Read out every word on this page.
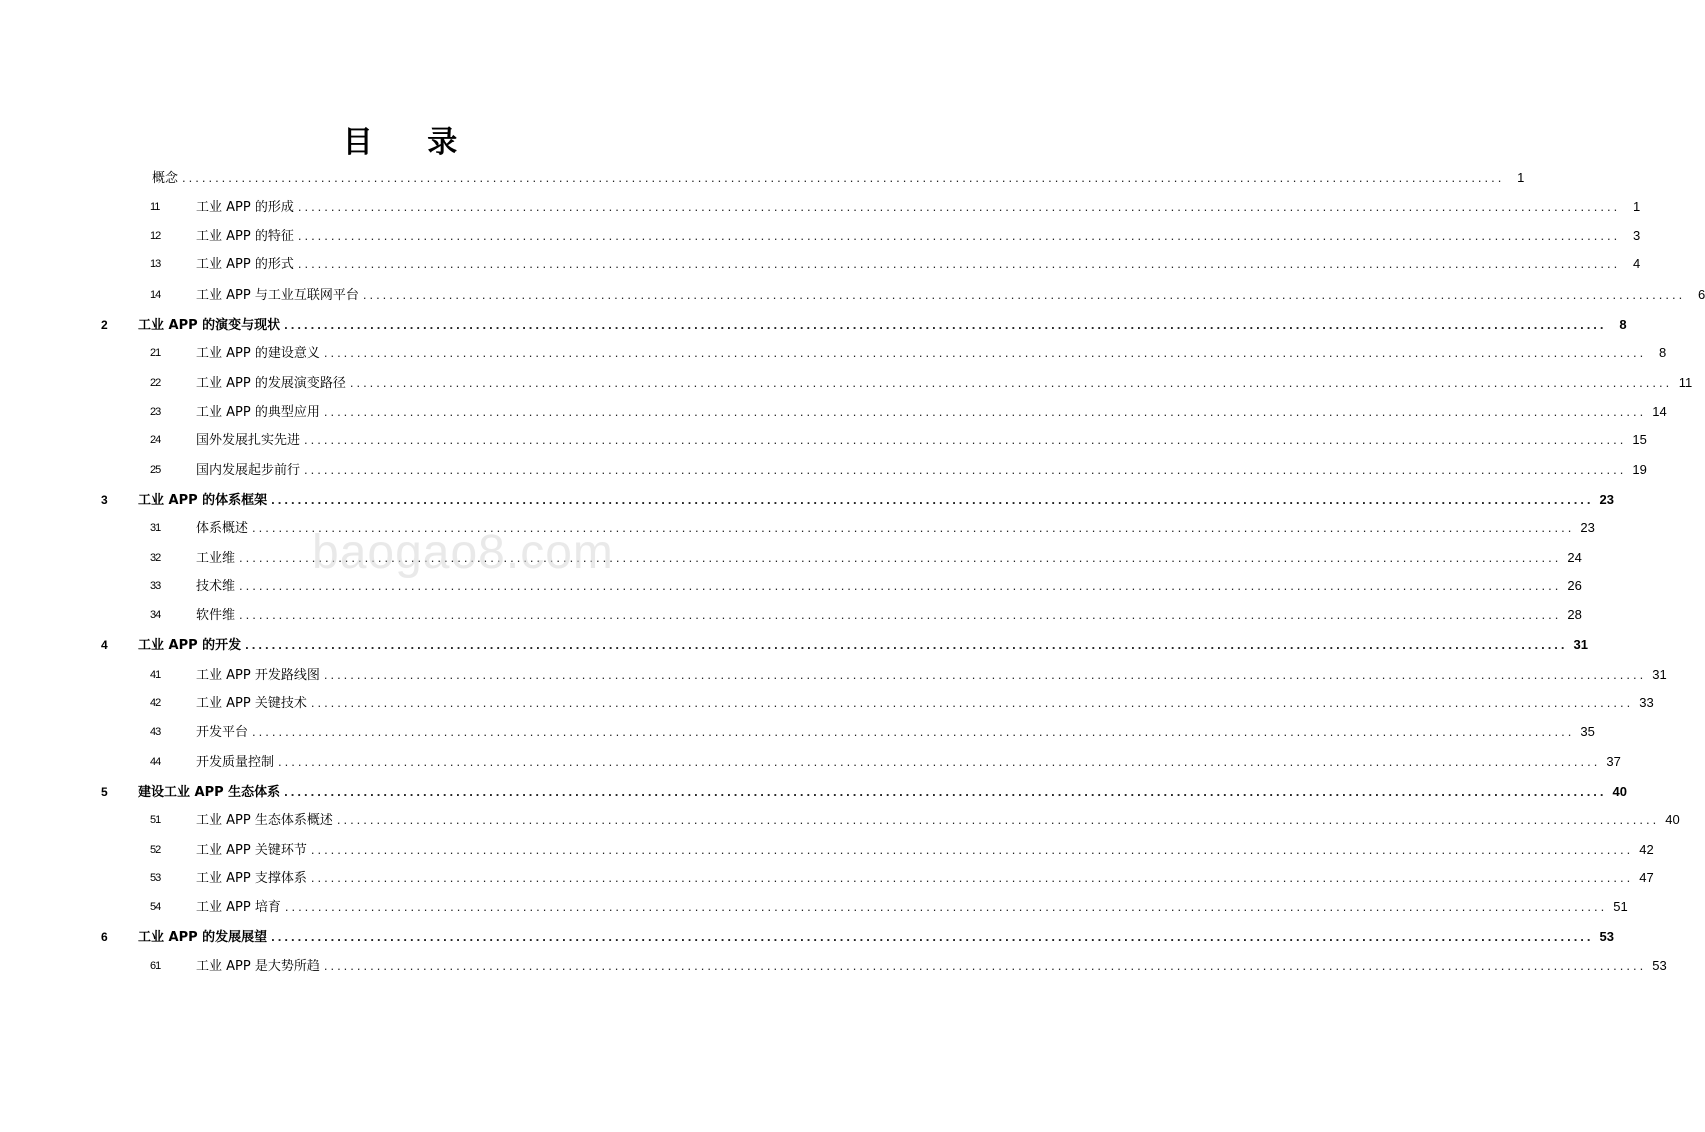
目 录
概念 ........................................................................................................................................................................................................ 1
11	工业 APP 的形成 ........................................................................................................................................................................................................ 1
12	工业 APP 的特征 ........................................................................................................................................................................................................ 3
13	工业 APP 的形式 ........................................................................................................................................................................................................ 4
14	工业 APP 与工业互联网平台 ........................................................................................................................................................................................................ 6
2 工业 APP 的演变与现状 ........................................................................................................................................................................................................ 8
21	工业 APP 的建设意义 ........................................................................................................................................................................................................ 8
22	工业 APP 的发展演变路径 ........................................................................................................................................................................................................ 11
23	工业 APP 的典型应用 ........................................................................................................................................................................................................ 14
24	国外发展扎实先进 ........................................................................................................................................................................................................ 15
25	国内发展起步前行 ........................................................................................................................................................................................................ 19
3 工业 APP 的体系框架 ........................................................................................................................................................................................................ 23
31	体系概述 ........................................................................................................................................................................................................ 23
32	工业维 ........................................................................................................................................................................................................ 24
33	技术维 ........................................................................................................................................................................................................ 26
34	软件维 ........................................................................................................................................................................................................ 28
4 工业 APP 的开发 ........................................................................................................................................................................................................ 31
41	工业 APP 开发路线图 ........................................................................................................................................................................................................ 31
42	工业 APP 关键技术 ........................................................................................................................................................................................................ 33
43	开发平台 ........................................................................................................................................................................................................ 35
44	开发质量控制 ........................................................................................................................................................................................................ 37
5 建设工业 APP 生态体系 ........................................................................................................................................................................................................ 40
51	工业 APP 生态体系概述 ........................................................................................................................................................................................................ 40
52	工业 APP 关键环节 ........................................................................................................................................................................................................ 42
53	工业 APP 支撑体系 ........................................................................................................................................................................................................ 47
54	工业 APP 培育 ........................................................................................................................................................................................................ 51
6 工业 APP 的发展展望 ........................................................................................................................................................................................................ 53
61	工业 APP 是大势所趋 ........................................................................................................................................................................................................ 53
baogao8.com
